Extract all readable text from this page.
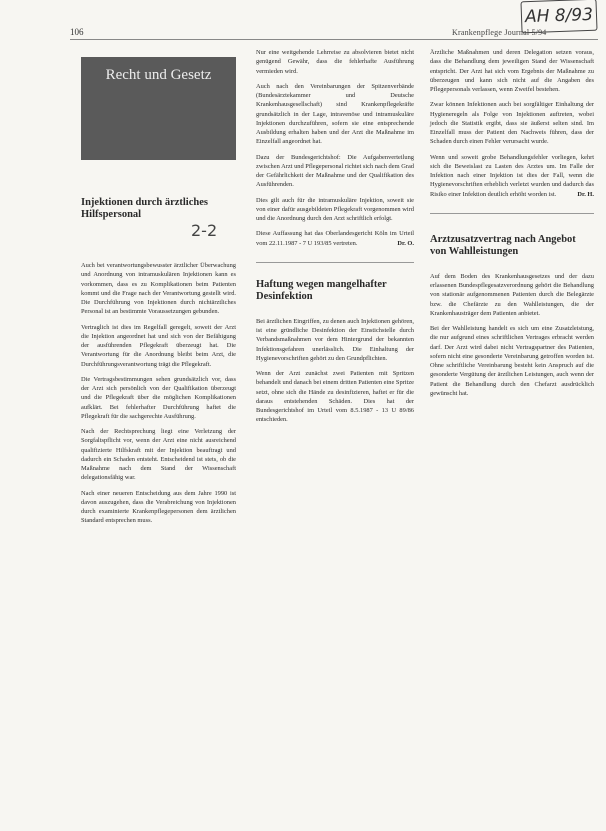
106	Krankenpflege Journal 5/94
AH 8/93
Recht und Gesetz
Injektionen durch ärztliches Hilfspersonal

Auch bei verantwortungsbewusster ärztlicher Überwachung und Anordnung von intramuskulären Injektionen kann es vorkommen, dass es zu Komplikationen beim Patienten kommt und die Frage nach der Verantwortung gestellt wird. Die Durchführung von Injektionen durch nichtärztliches Personal ist an bestimmte Voraussetzungen gebunden.

Vertraglich ist dies im Regelfall geregelt, soweit der Arzt die Injektion angeordnet hat und sich von der Befähigung der ausführenden Pflegekraft überzeugt hat. Die Verantwortung für die Anordnung bleibt beim Arzt, die Durchführungsverantwortung trägt die Pflegekraft.

Die Vertragsbestimmungen sehen grundsätzlich vor, dass der Arzt sich persönlich von der Qualifikation überzeugt und die Pflegekraft über die möglichen Komplikationen aufklärt. Bei fehlerhafter Durchführung haftet die Pflegekraft für die sachgerechte Ausführung.

Nach der Rechtsprechung liegt eine Verletzung der Sorgfaltspflicht vor, wenn der Arzt eine nicht ausreichend qualifizierte Hilfskraft mit der Injektion beauftragt und dadurch ein Schaden entsteht. Entscheidend ist stets, ob die Maßnahme nach dem Stand der Wissenschaft delegationsfähig war.

Nach einer neueren Entscheidung aus dem Jahre 1990 ist davon auszugehen, dass die Verabreichung von Injektionen durch examinierte Krankenpflegepersonen dem ärztlichen Standard entsprechen muss.

2-2

Nur eine weitgehende Lehrreise zu absolvieren bietet nicht genügend Gewähr, dass die fehlerhafte Ausführung vermieden wird.

Auch nach den Vereinbarungen der Spitzenverbände (Bundesärztekammer und Deutsche Krankenhausgesellschaft) sind Krankenpflegekräfte grundsätzlich in der Lage, intravenöse und intramuskuläre Injektionen durchzuführen, sofern sie eine entsprechende Ausbildung erhalten haben und der Arzt die Maßnahme im Einzelfall angeordnet hat.

Dazu der Bundesgerichtshof: Die Aufgabenverteilung zwischen Arzt und Pflegepersonal richtet sich nach dem Grad der Gefährlichkeit der Maßnahme und der Qualifikation des Ausführenden.

Dies gilt auch für die intramuskuläre Injektion, soweit sie von einer dafür ausgebildeten Pflegekraft vorgenommen wird und die Anordnung durch den Arzt schriftlich erfolgt.

Diese Auffassung hat das Oberlandesgericht Köln im Urteil vom 22.11.1987 - 7 U 193/85 vertreten.	Dr. O.

Haftung wegen mangelhafter Desinfektion

Bei ärztlichen Eingriffen, zu denen auch Injektionen gehören, ist eine gründliche Desinfektion der Einstichstelle durch Verbandsmaßnahmen vor dem Hintergrund der bekannten Infektionsgefahren unerlässlich. Die Einhaltung der Hygienevorschriften gehört zu den Grundpflichten.

Wenn der Arzt zunächst zwei Patienten mit Spritzen behandelt und danach bei einem dritten Patienten eine Spritze setzt, ohne sich die Hände zu desinfizieren, haftet er für die daraus entstehenden Schäden. Dies hat der Bundesgerichtshof im Urteil vom 8.5.1987 - 13 U 89/86 entschieden.

Ärztliche Maßnahmen und deren Delegation setzen voraus, dass die Behandlung dem jeweiligen Stand der Wissenschaft entspricht. Der Arzt hat sich vom Ergebnis der Maßnahme zu überzeugen und kann sich nicht auf die Angaben des Pflegepersonals verlassen, wenn Zweifel bestehen.

Zwar können Infektionen auch bei sorgfältiger Einhaltung der Hygieneregeln als Folge von Injektionen auftreten, wobei jedoch die Statistik ergibt, dass sie äußerst selten sind. Im Einzelfall muss der Patient den Nachweis führen, dass der Schaden durch einen Fehler verursacht wurde.

Wenn und soweit grobe Behandlungsfehler vorliegen, kehrt sich die Beweislast zu Lasten des Arztes um. Im Falle der Infektion nach einer Injektion ist dies der Fall, wenn die Hygienevorschriften erheblich verletzt wurden und dadurch das Risiko einer Infektion deutlich erhöht worden ist.	Dr. H.

Arztzusatzvertrag nach Angebot von Wahlleistungen

Auf dem Boden des Krankenhausgesetzes und der dazu erlassenen Bundespflegesatzverordnung gehört die Behandlung von stationär aufgenommenen Patienten durch die Belegärzte bzw. die Chefärzte zu den Wahlleistungen, die der Krankenhausträger dem Patienten anbietet.

Bei der Wahlleistung handelt es sich um eine Zusatzleistung, die nur aufgrund eines schriftlichen Vertrages erbracht werden darf. Der Arzt wird dabei nicht Vertragspartner des Patienten, sofern nicht eine gesonderte Vereinbarung getroffen worden ist. Ohne schriftliche Vereinbarung besteht kein Anspruch auf die gesonderte Vergütung der ärztlichen Leistungen, auch wenn der Patient die Behandlung durch den Chefarzt ausdrücklich gewünscht hat.
